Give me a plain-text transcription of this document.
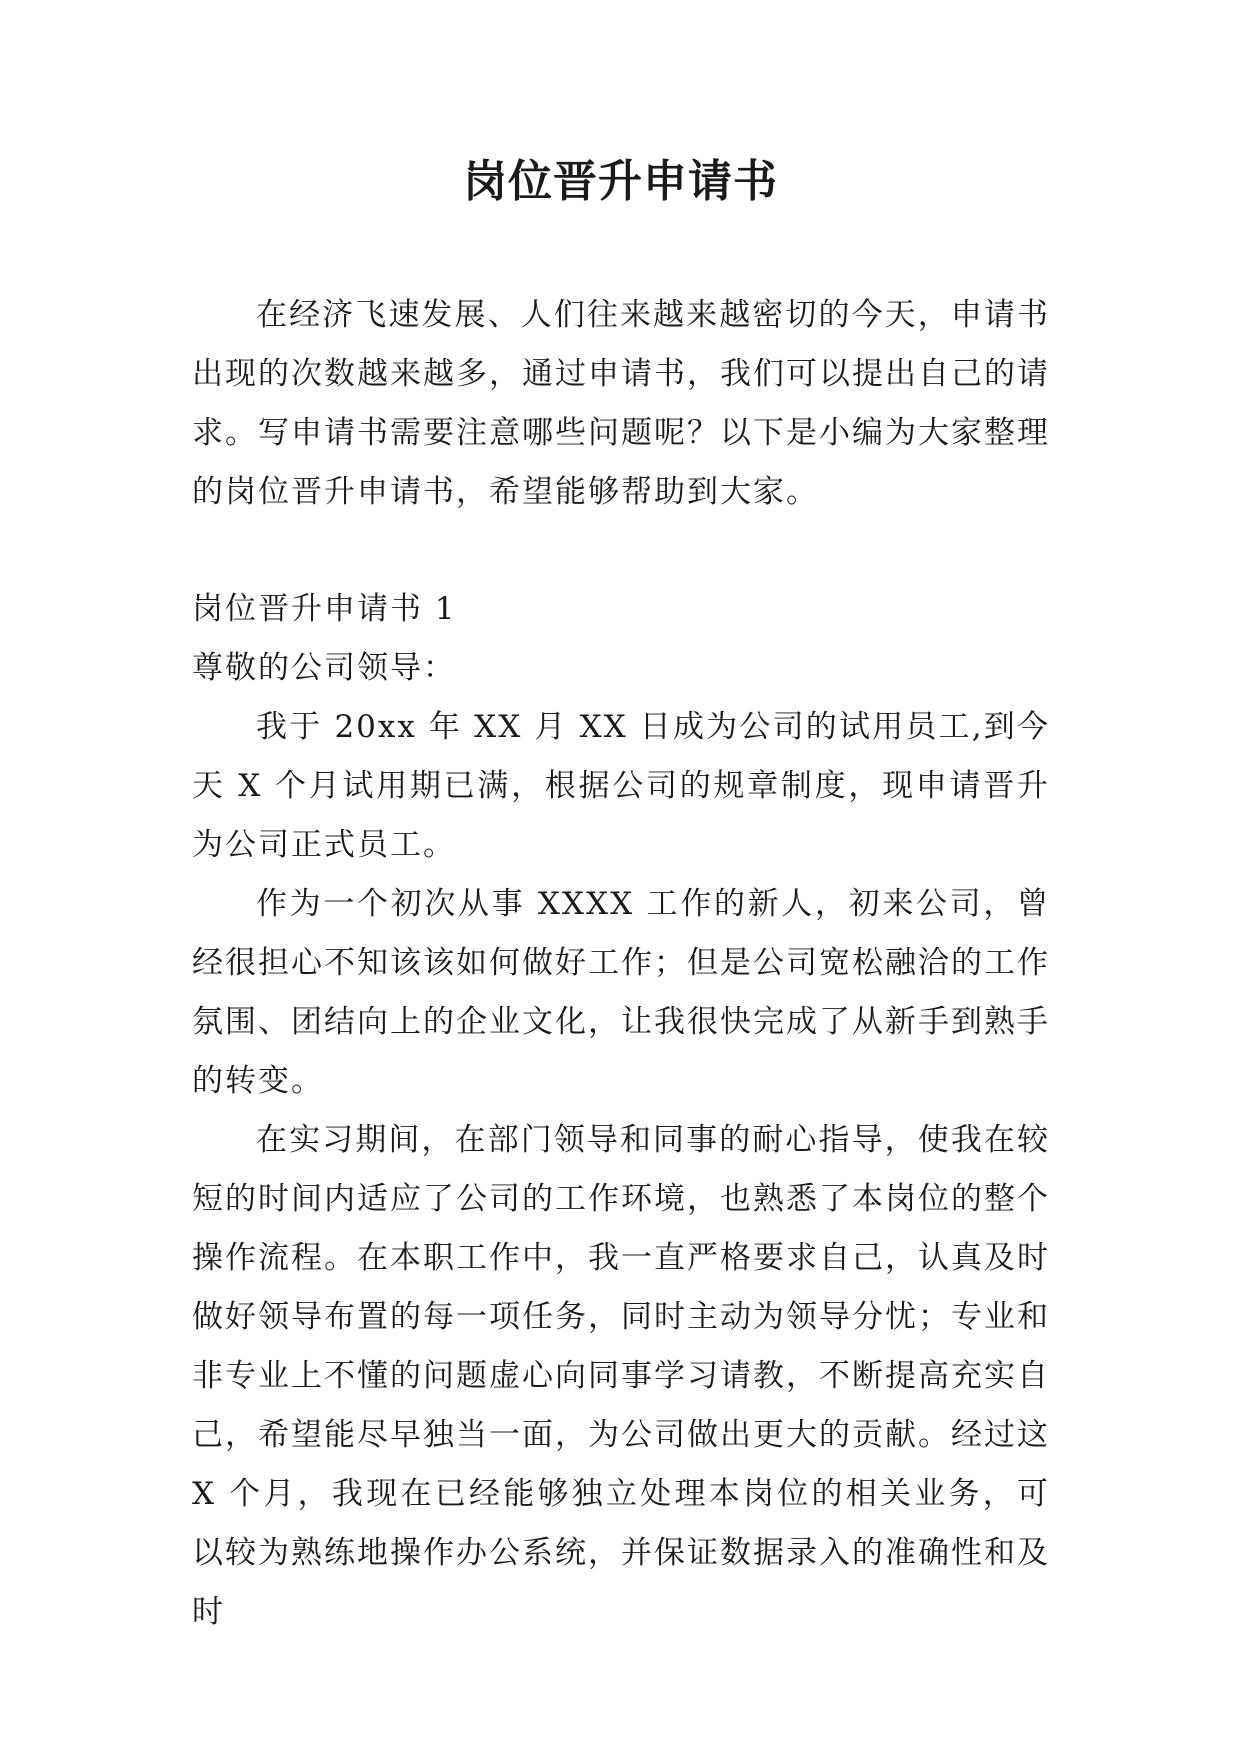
岗位晋升申请书

在经济飞速发展、人们往来越来越密切的今天，申请书出现的次数越来越多，通过申请书，我们可以提出自己的请求。写申请书需要注意哪些问题呢？以下是小编为大家整理的岗位晋升申请书，希望能够帮助到大家。

岗位晋升申请书 1

尊敬的公司领导：

我于 20xx 年 XX 月 XX 日成为公司的试用员工,到今天 X 个月试用期已满，根据公司的规章制度，现申请晋升为公司正式员工。

作为一个初次从事 XXXX 工作的新人，初来公司，曾经很担心不知该该如何做好工作；但是公司宽松融洽的工作氛围、团结向上的企业文化，让我很快完成了从新手到熟手的转变。

在实习期间，在部门领导和同事的耐心指导，使我在较短的时间内适应了公司的工作环境，也熟悉了本岗位的整个操作流程。在本职工作中，我一直严格要求自己，认真及时做好领导布置的每一项任务，同时主动为领导分忧；专业和非专业上不懂的问题虚心向同事学习请教，不断提高充实自己，希望能尽早独当一面，为公司做出更大的贡献。经过这 X 个月，我现在已经能够独立处理本岗位的相关业务，可以较为熟练地操作办公系统，并保证数据录入的准确性和及时
